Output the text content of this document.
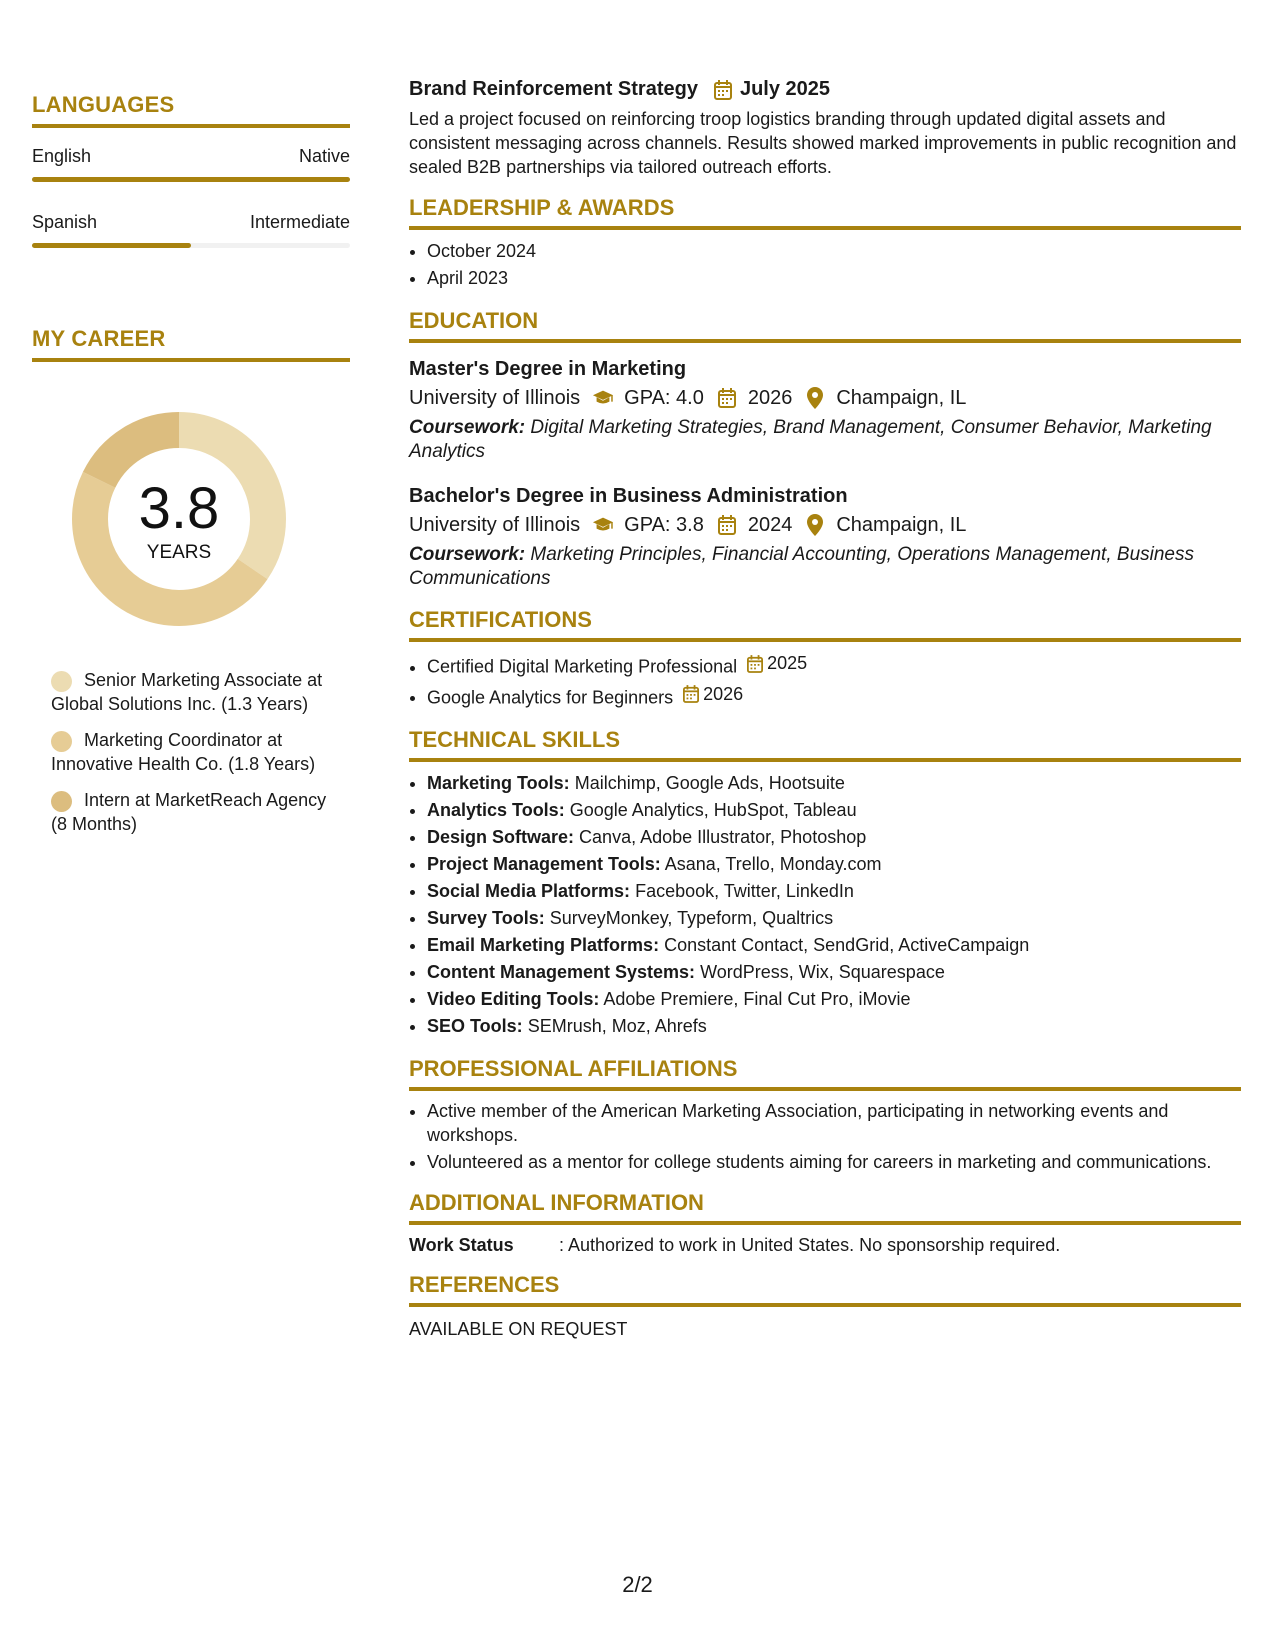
LANGUAGES
English	Native
Spanish	Intermediate
MY CAREER
3.8
YEARS
Senior Marketing Associate at Global Solutions Inc. (1.3 Years)
Marketing Coordinator at Innovative Health Co. (1.8 Years)
Intern at MarketReach Agency (8 Months)
Brand Reinforcement Strategy July 2025

Led a project focused on reinforcing troop logistics branding through updated digital assets and consistent messaging across channels. Results showed marked improvements in public recognition and sealed B2B partnerships via tailored outreach efforts.

LEADERSHIP & AWARDS
• October 2024
• April 2023
EDUCATION
Master's Degree in Marketing
University of Illinois GPA: 4.0 2026 Champaign, IL
Coursework: Digital Marketing Strategies, Brand Management, Consumer Behavior, Marketing Analytics
Bachelor's Degree in Business Administration
University of Illinois GPA: 3.8 2024 Champaign, IL
Coursework: Marketing Principles, Financial Accounting, Operations Management, Business Communications
CERTIFICATIONS
• Certified Digital Marketing Professional 2025
• Google Analytics for Beginners 2026
TECHNICAL SKILLS
• Marketing Tools: Mailchimp, Google Ads, Hootsuite
• Analytics Tools: Google Analytics, HubSpot, Tableau
• Design Software: Canva, Adobe Illustrator, Photoshop
• Project Management Tools: Asana, Trello, Monday.com
• Social Media Platforms: Facebook, Twitter, LinkedIn
• Survey Tools: SurveyMonkey, Typeform, Qualtrics
• Email Marketing Platforms: Constant Contact, SendGrid, ActiveCampaign
• Content Management Systems: WordPress, Wix, Squarespace
• Video Editing Tools: Adobe Premiere, Final Cut Pro, iMovie
• SEO Tools: SEMrush, Moz, Ahrefs
PROFESSIONAL AFFILIATIONS
• Active member of the American Marketing Association, participating in networking events and workshops.
• Volunteered as a mentor for college students aiming for careers in marketing and communications.
ADDITIONAL INFORMATION
Work Status	: Authorized to work in United States. No sponsorship required.
REFERENCES
AVAILABLE ON REQUEST
2/2
